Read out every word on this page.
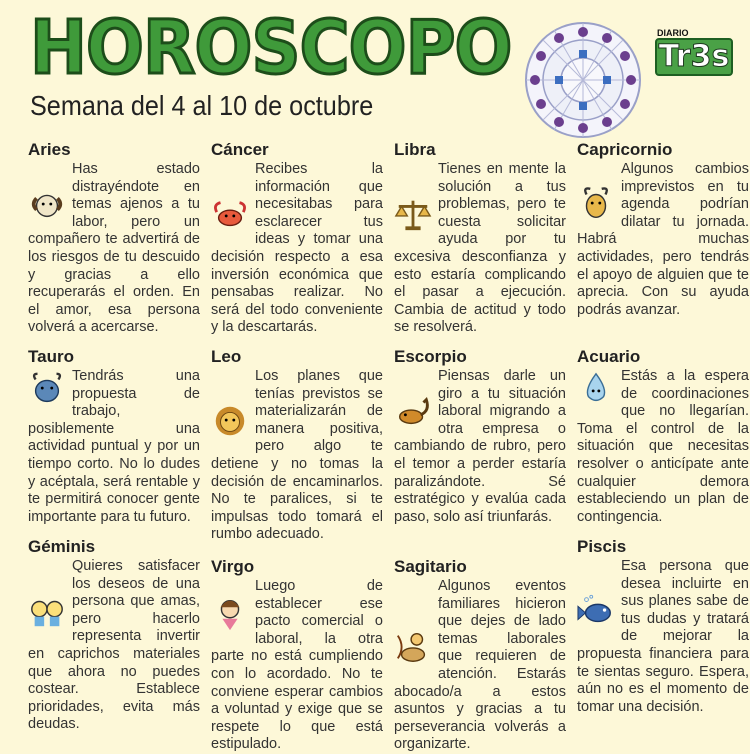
HOROSCOPO
Semana del 4 al 10 de octubre
DIARIO
Tr3s
Aries
Has estado distrayéndote en temas ajenos a tu labor, pero un compañero te advertirá de los riesgos de tu descuido y gracias a ello recuperarás el orden. En el amor, esa persona volverá a acercarse.
Cáncer
Recibes la información que necesitabas para esclarecer tus ideas y tomar una decisión respecto a esa inversión económica que pensabas realizar. No será del todo conveniente y la descartarás.
Libra
Tienes en mente la solución a tus problemas, pero te cuesta solicitar ayuda por tu excesiva desconfianza y esto estaría complicando el pasar a ejecución. Cambia de actitud y todo se resolverá.
Capricornio
Algunos cambios imprevistos en tu agenda podrían dilatar tu jornada. Habrá muchas actividades, pero tendrás el apoyo de alguien que te aprecia. Con su ayuda podrás avanzar.
Tauro
Tendrás una propuesta de trabajo, posiblemente una actividad puntual y por un tiempo corto. No lo dudes y acéptala, será rentable y te permitirá conocer gente importante para tu futuro.
Leo
Los planes que tenías previstos se materializarán de manera positiva, pero algo te detiene y no tomas la decisión de encaminarlos. No te paralices, si te impulsas todo tomará el rumbo adecuado.
Escorpio
Piensas darle un giro a tu situación laboral migrando a otra empresa o cambiando de rubro, pero el temor a perder estaría paralizándote. Sé estratégico y evalúa cada paso, solo así triunfarás.
Acuario
Estás a la espera de coordinaciones que no llegarían. Toma el control de la situación que necesitas resolver o anticípate ante cualquier demora estableciendo un plan de contingencia.
Géminis
Quieres satisfacer los deseos de una persona que amas, pero hacerlo representa invertir en caprichos materiales que ahora no puedes costear. Establece prioridades, evita más deudas.
Virgo
Luego de establecer ese pacto comercial o laboral, la otra parte no está cumpliendo con lo acordado. No te conviene esperar cambios a voluntad y exige que se respete lo que está estipulado.
Sagitario
Algunos eventos familiares hicieron que dejes de lado temas laborales que requieren de atención. Estarás abocado/a a estos asuntos y gracias a tu perseverancia volverás a organizarte.
Piscis
Esa persona que desea incluirte en sus planes sabe de tus dudas y tratará de mejorar la propuesta financiera para te sientas seguro. Espera, aún no es el momento de tomar una decisión.
